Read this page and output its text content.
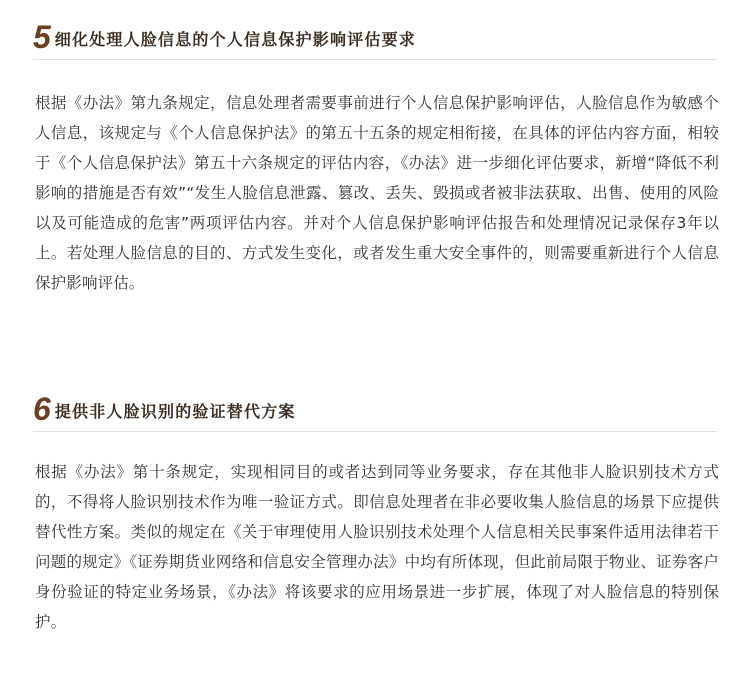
5 细化处理人脸信息的个人信息保护影响评估要求

根据《办法》第九条规定，信息处理者需要事前进行个人信息保护影响评估，人脸信息作为敏感个人信息，该规定与《个人信息保护法》的第五十五条的规定相衔接，在具体的评估内容方面，相较于《个人信息保护法》第五十六条规定的评估内容，《办法》进一步细化评估要求，新增“降低不利影响的措施是否有效”“发生人脸信息泄露、篡改、丢失、毁损或者被非法获取、出售、使用的风险以及可能造成的危害”两项评估内容。并对个人信息保护影响评估报告和处理情况记录保存3年以上。若处理人脸信息的目的、方式发生变化，或者发生重大安全事件的，则需要重新进行个人信息保护影响评估。

6 提供非人脸识别的验证替代方案

根据《办法》第十条规定，实现相同目的或者达到同等业务要求，存在其他非人脸识别技术方式的，不得将人脸识别技术作为唯一验证方式。即信息处理者在非必要收集人脸信息的场景下应提供替代性方案。类似的规定在《关于审理使用人脸识别技术处理个人信息相关民事案件适用法律若干问题的规定》《证券期货业网络和信息安全管理办法》中均有所体现，但此前局限于物业、证券客户身份验证的特定业务场景，《办法》将该要求的应用场景进一步扩展，体现了对人脸信息的特别保护。
